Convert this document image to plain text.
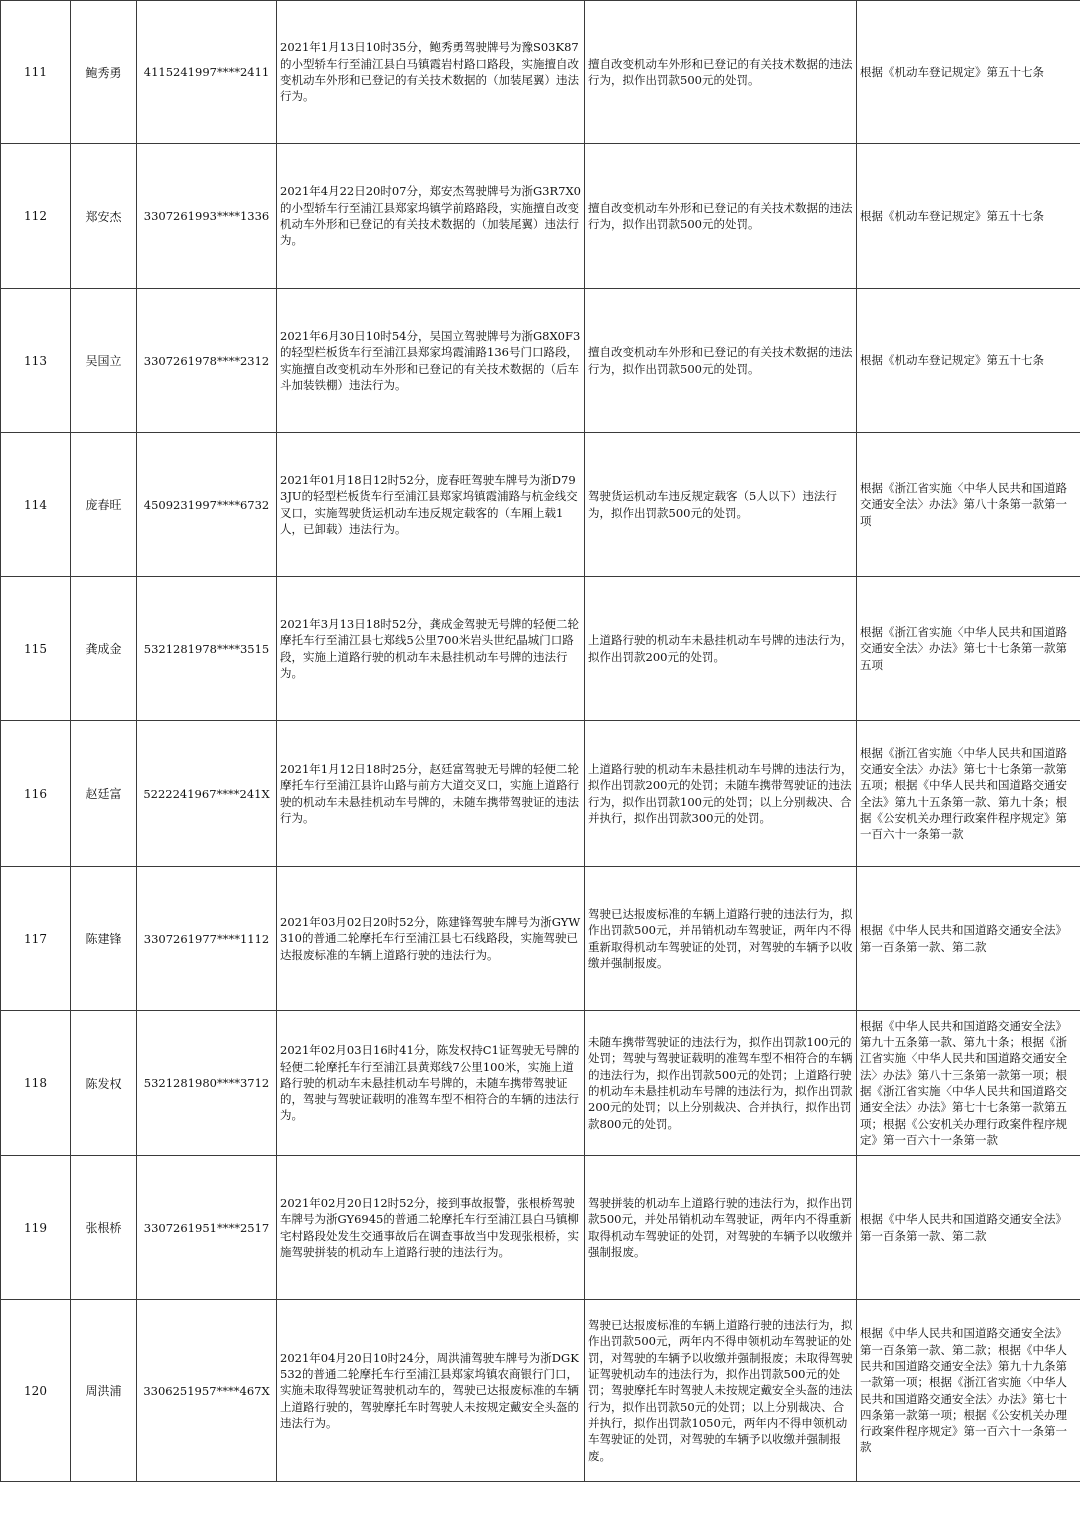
111	鲍秀勇	4115241997****2411	2021年1月13日10时35分，鲍秀勇驾驶牌号为豫S03K87的小型轿车行至浦江县白马镇霞岩村路口路段，实施擅自改变机动车外形和已登记的有关技术数据的（加装尾翼）违法行为。	擅自改变机动车外形和已登记的有关技术数据的违法行为，拟作出罚款500元的处罚。	根据《机动车登记规定》第五十七条
112	郑安杰	3307261993****1336	2021年4月22日20时07分，郑安杰驾驶牌号为浙G3R7X0的小型轿车行至浦江县郑家坞镇学前路路段，实施擅自改变机动车外形和已登记的有关技术数据的（加装尾翼）违法行为。	擅自改变机动车外形和已登记的有关技术数据的违法行为，拟作出罚款500元的处罚。	根据《机动车登记规定》第五十七条
113	吴国立	3307261978****2312	2021年6月30日10时54分，吴国立驾驶牌号为浙G8X0F3的轻型栏板货车行至浦江县郑家坞霞浦路136号门口路段，实施擅自改变机动车外形和已登记的有关技术数据的（后车斗加装铁棚）违法行为。	擅自改变机动车外形和已登记的有关技术数据的违法行为，拟作出罚款500元的处罚。	根据《机动车登记规定》第五十七条
114	庞春旺	4509231997****6732	2021年01月18日12时52分，庞春旺驾驶车牌号为浙D793JU的轻型栏板货车行至浦江县郑家坞镇霞浦路与杭金线交叉口，实施驾驶货运机动车违反规定载客的（车厢上载1人，已卸载）违法行为。	驾驶货运机动车违反规定载客（5人以下）违法行为，拟作出罚款500元的处罚。	根据《浙江省实施〈中华人民共和国道路交通安全法〉办法》第八十条第一款第一项
115	龚成金	5321281978****3515	2021年3月13日18时52分，龚成金驾驶无号牌的轻便二轮摩托车行至浦江县七郑线5公里700米岩头世纪晶城门口路段，实施上道路行驶的机动车未悬挂机动车号牌的违法行为。	上道路行驶的机动车未悬挂机动车号牌的违法行为，拟作出罚款200元的处罚。	根据《浙江省实施〈中华人民共和国道路交通安全法〉办法》第七十七条第一款第五项
116	赵廷富	5222241967****241X	2021年1月12日18时25分，赵廷富驾驶无号牌的轻便二轮摩托车行至浦江县许山路与前方大道交叉口，实施上道路行驶的机动车未悬挂机动车号牌的，未随车携带驾驶证的违法行为。	上道路行驶的机动车未悬挂机动车号牌的违法行为，拟作出罚款200元的处罚；未随车携带驾驶证的违法行为，拟作出罚款100元的处罚；以上分别裁决、合并执行，拟作出罚款300元的处罚。	根据《浙江省实施〈中华人民共和国道路交通安全法〉办法》第七十七条第一款第五项；根据《中华人民共和国道路交通安全法》第九十五条第一款、第九十条；根据《公安机关办理行政案件程序规定》第一百六十一条第一款
117	陈建锋	3307261977****1112	2021年03月02日20时52分，陈建锋驾驶车牌号为浙GYW310的普通二轮摩托车行至浦江县七石线路段，实施驾驶已达报废标准的车辆上道路行驶的违法行为。	驾驶已达报废标准的车辆上道路行驶的违法行为，拟作出罚款500元，并吊销机动车驾驶证，两年内不得重新取得机动车驾驶证的处罚，对驾驶的车辆予以收缴并强制报废。	根据《中华人民共和国道路交通安全法》第一百条第一款、第二款
118	陈发权	5321281980****3712	2021年02月03日16时41分，陈发权持C1证驾驶无号牌的轻便二轮摩托车行至浦江县黄郑线7公里100米，实施上道路行驶的机动车未悬挂机动车号牌的，未随车携带驾驶证的，驾驶与驾驶证载明的准驾车型不相符合的车辆的违法行为。	未随车携带驾驶证的违法行为，拟作出罚款100元的处罚；驾驶与驾驶证载明的准驾车型不相符合的车辆的违法行为，拟作出罚款500元的处罚；上道路行驶的机动车未悬挂机动车号牌的违法行为，拟作出罚款200元的处罚；以上分别裁决、合并执行，拟作出罚款800元的处罚。	根据《中华人民共和国道路交通安全法》第九十五条第一款、第九十条；根据《浙江省实施〈中华人民共和国道路交通安全法〉办法》第八十三条第一款第一项；根据《浙江省实施〈中华人民共和国道路交通安全法〉办法》第七十七条第一款第五项；根据《公安机关办理行政案件程序规定》第一百六十一条第一款
119	张根桥	3307261951****2517	2021年02月20日12时52分，接到事故报警，张根桥驾驶车牌号为浙GY6945的普通二轮摩托车行至浦江县白马镇柳宅村路段处发生交通事故后在调查事故当中发现张根桥，实施驾驶拼装的机动车上道路行驶的违法行为。	驾驶拼装的机动车上道路行驶的违法行为，拟作出罚款500元，并处吊销机动车驾驶证，两年内不得重新取得机动车驾驶证的处罚，对驾驶的车辆予以收缴并强制报废。	根据《中华人民共和国道路交通安全法》第一百条第一款、第二款
120	周洪浦	3306251957****467X	2021年04月20日10时24分，周洪浦驾驶车牌号为浙DGK532的普通二轮摩托车行至浦江县郑家坞镇农商银行门口，实施未取得驾驶证驾驶机动车的，驾驶已达报废标准的车辆上道路行驶的，驾驶摩托车时驾驶人未按规定戴安全头盔的违法行为。	驾驶已达报废标准的车辆上道路行驶的违法行为，拟作出罚款500元，两年内不得申领机动车驾驶证的处罚，对驾驶的车辆予以收缴并强制报废；未取得驾驶证驾驶机动车的违法行为，拟作出罚款500元的处罚；驾驶摩托车时驾驶人未按规定戴安全头盔的违法行为，拟作出罚款50元的处罚；以上分别裁决、合并执行，拟作出罚款1050元，两年内不得申领机动车驾驶证的处罚，对驾驶的车辆予以收缴并强制报废。	根据《中华人民共和国道路交通安全法》第一百条第一款、第二款；根据《中华人民共和国道路交通安全法》第九十九条第一款第一项；根据《浙江省实施〈中华人民共和国道路交通安全法〉办法》第七十四条第一款第一项；根据《公安机关办理行政案件程序规定》第一百六十一条第一款
